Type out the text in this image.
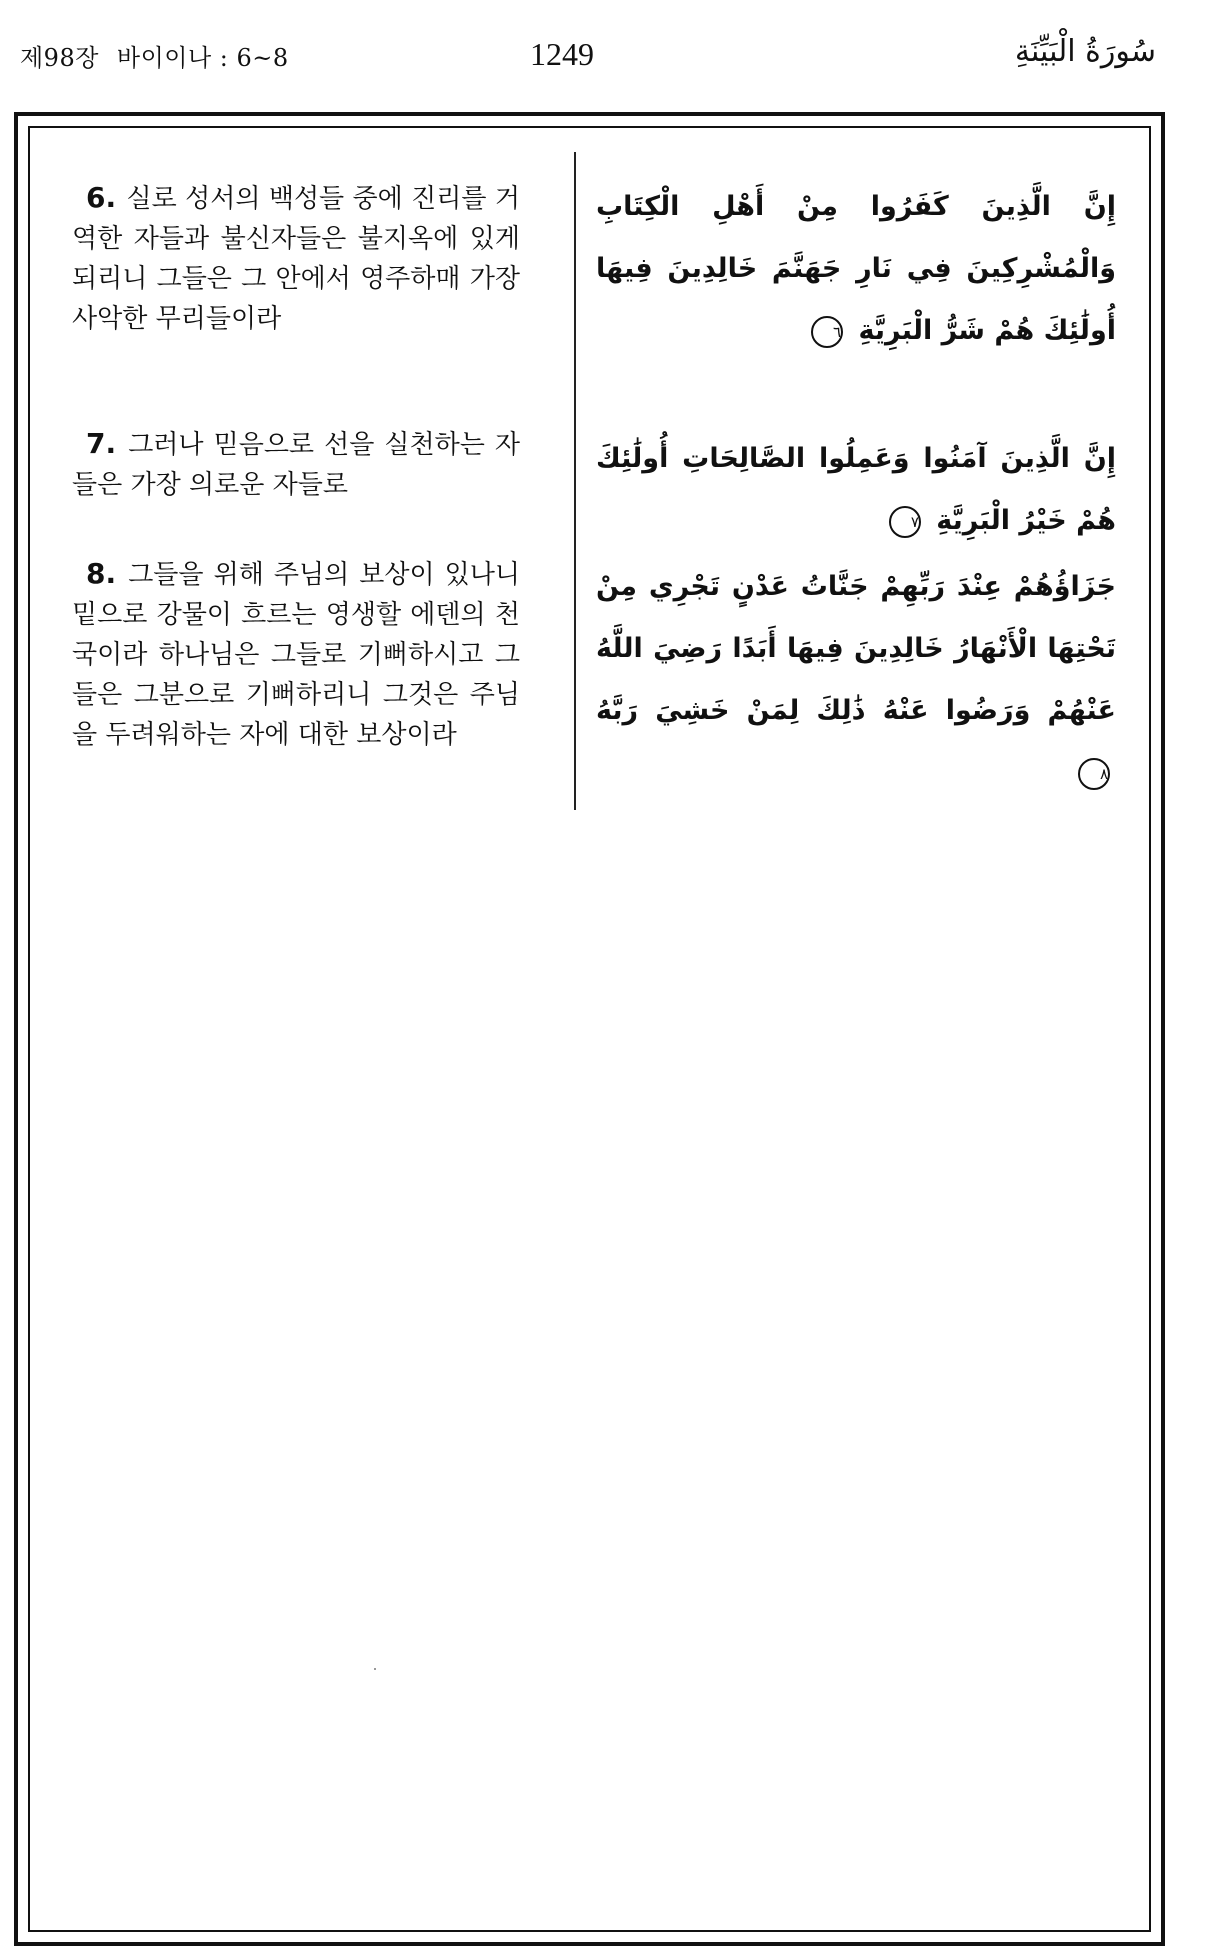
제98장 바이이나 : 6~8	1249	سُورَةُ الْبَيِّنَةِ
6. 실로 성서의 백성들 중에 진리를 거역한 자들과 불신자들은 불지옥에 있게 되리니 그들은 그 안에서 영주하매 가장 사악한 무리들이라
إِنَّ الَّذِينَ كَفَرُوا مِنْ أَهْلِ الْكِتَابِ وَالْمُشْرِكِينَ فِي نَارِ جَهَنَّمَ خَالِدِينَ فِيهَا أُولَٰئِكَ هُمْ شَرُّ الْبَرِيَّةِ ٦
7. 그러나 믿음으로 선을 실천하는 자들은 가장 의로운 자들로
إِنَّ الَّذِينَ آمَنُوا وَعَمِلُوا الصَّالِحَاتِ أُولَٰئِكَ هُمْ خَيْرُ الْبَرِيَّةِ ٧
8. 그들을 위해 주님의 보상이 있나니 밑으로 강물이 흐르는 영생할 에덴의 천국이라 하나님은 그들로 기뻐하시고 그들은 그분으로 기뻐하리니 그것은 주님을 두려워하는 자에 대한 보상이라
جَزَاؤُهُمْ عِنْدَ رَبِّهِمْ جَنَّاتُ عَدْنٍ تَجْرِي مِنْ تَحْتِهَا الْأَنْهَارُ خَالِدِينَ فِيهَا أَبَدًا رَضِيَ اللَّهُ عَنْهُمْ وَرَضُوا عَنْهُ ذَٰلِكَ لِمَنْ خَشِيَ رَبَّهُ ٨
